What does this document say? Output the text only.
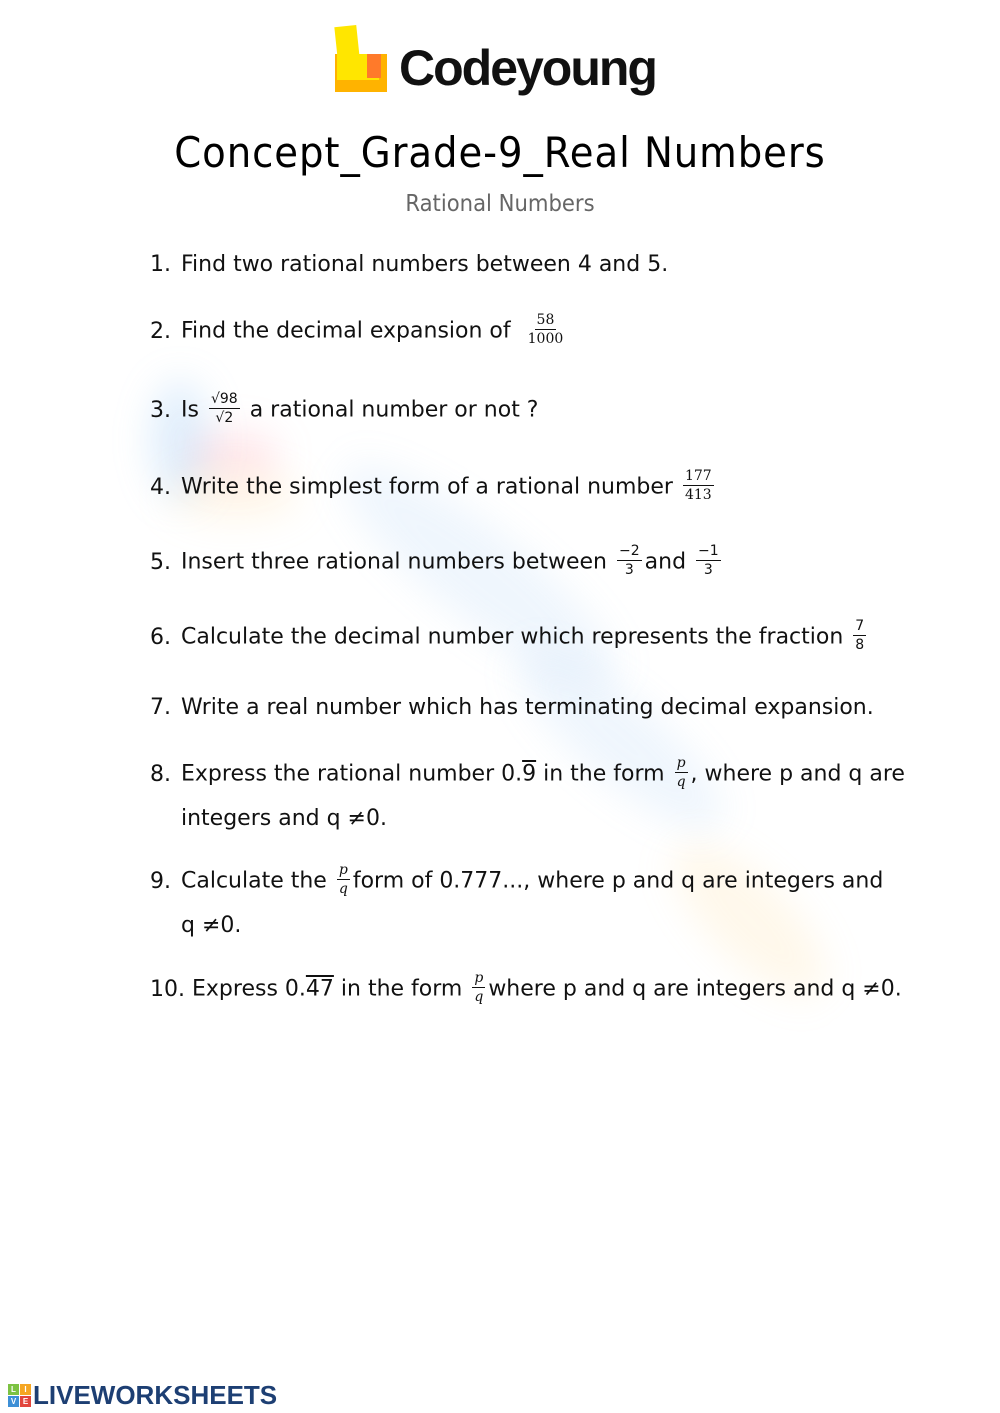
Codeyoung
Concept_Grade-9_Real Numbers
Rational Numbers
1. Find two rational numbers between 4 and 5.
2. Find the decimal expansion of $\frac{58}{1000}$
3. Is $\frac{√98}{√2}$ a rational number or not ?
4. Write the simplest form of a rational number $\frac{177}{413}$
5. Insert three rational numbers between $\frac{-2}{3}$ and $\frac{-1}{3}$
6. Calculate the decimal number which represents the fraction $\frac{7}{8}$
7. Write a real number which has terminating decimal expansion.
8. Express the rational number 0.9 in the form $\frac{p}{q}$ , where p and q are
integers and q ≠0.
9. Calculate the $\frac{p}{q}$ form of 0.777..., where p and q are integers and
q ≠0.
10. Express 0.47 in the form $\frac{p}{q}$ where p and q are integers and q ≠0.
L	I
V E LIVEWORKSHEETS
